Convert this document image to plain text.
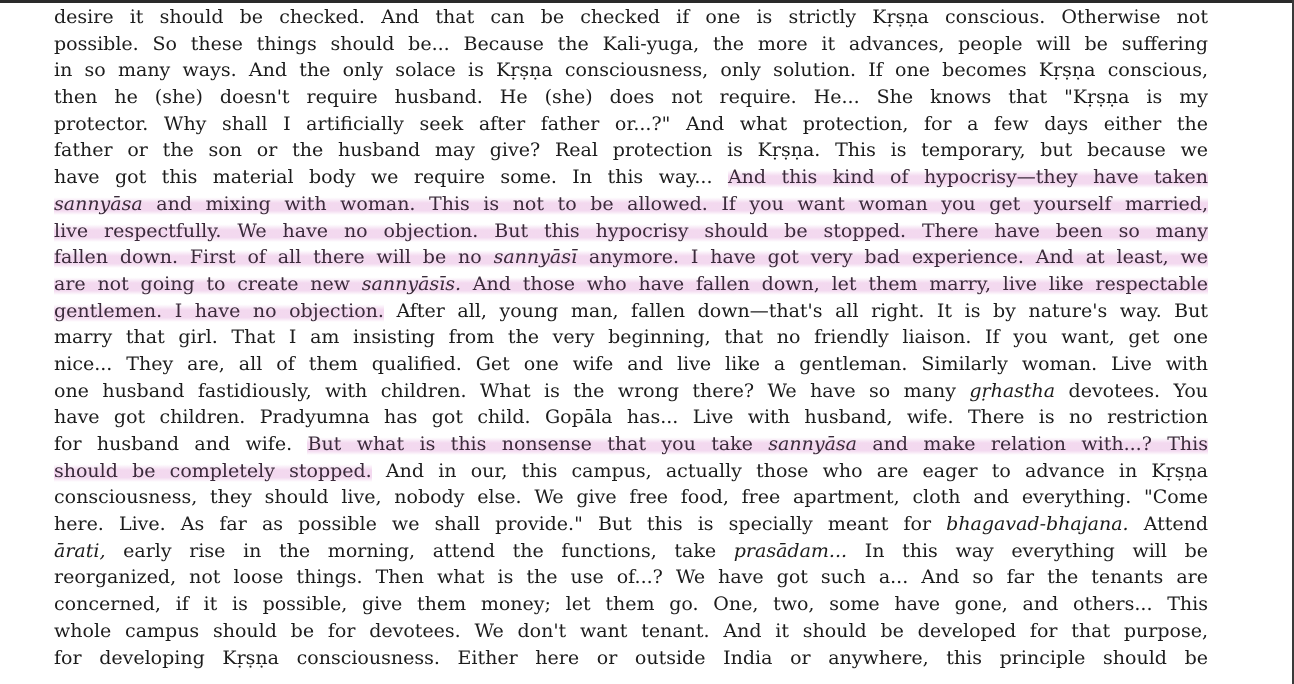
desire it should be checked. And that can be checked if one is strictly Kṛṣṇa conscious. Otherwise not
possible. So these things should be... Because the Kali-yuga, the more it advances, people will be suffering
in so many ways. And the only solace is Kṛṣṇa consciousness, only solution. If one becomes Kṛṣṇa conscious,
then he (she) doesn't require husband. He (she) does not require. He... She knows that "Kṛṣṇa is my
protector. Why shall I artificially seek after father or...?" And what protection, for a few days either the
father or the son or the husband may give? Real protection is Kṛṣṇa. This is temporary, but because we
have got this material body we require some. In this way... And this kind of hypocrisy—they have taken
sannyāsa and mixing with woman. This is not to be allowed. If you want woman you get yourself married,
live respectfully. We have no objection. But this hypocrisy should be stopped. There have been so many
fallen down. First of all there will be no sannyāsī anymore. I have got very bad experience. And at least, we
are not going to create new sannyāsīs. And those who have fallen down, let them marry, live like respectable
gentlemen. I have no objection. After all, young man, fallen down—that's all right. It is by nature's way. But
marry that girl. That I am insisting from the very beginning, that no friendly liaison. If you want, get one
nice... They are, all of them qualified. Get one wife and live like a gentleman. Similarly woman. Live with
one husband fastidiously, with children. What is the wrong there? We have so many gṛhastha devotees. You
have got children. Pradyumna has got child. Gopāla has... Live with husband, wife. There is no restriction
for husband and wife. But what is this nonsense that you take sannyāsa and make relation with...? This
should be completely stopped. And in our, this campus, actually those who are eager to advance in Kṛṣṇa
consciousness, they should live, nobody else. We give free food, free apartment, cloth and everything. "Come
here. Live. As far as possible we shall provide." But this is specially meant for bhagavad-bhajana. Attend
ārati, early rise in the morning, attend the functions, take prasādam... In this way everything will be
reorganized, not loose things. Then what is the use of...? We have got such a... And so far the tenants are
concerned, if it is possible, give them money; let them go. One, two, some have gone, and others... This
whole campus should be for devotees. We don't want tenant. And it should be developed for that purpose,
for developing Kṛṣṇa consciousness. Either here or outside India or anywhere, this principle should be
